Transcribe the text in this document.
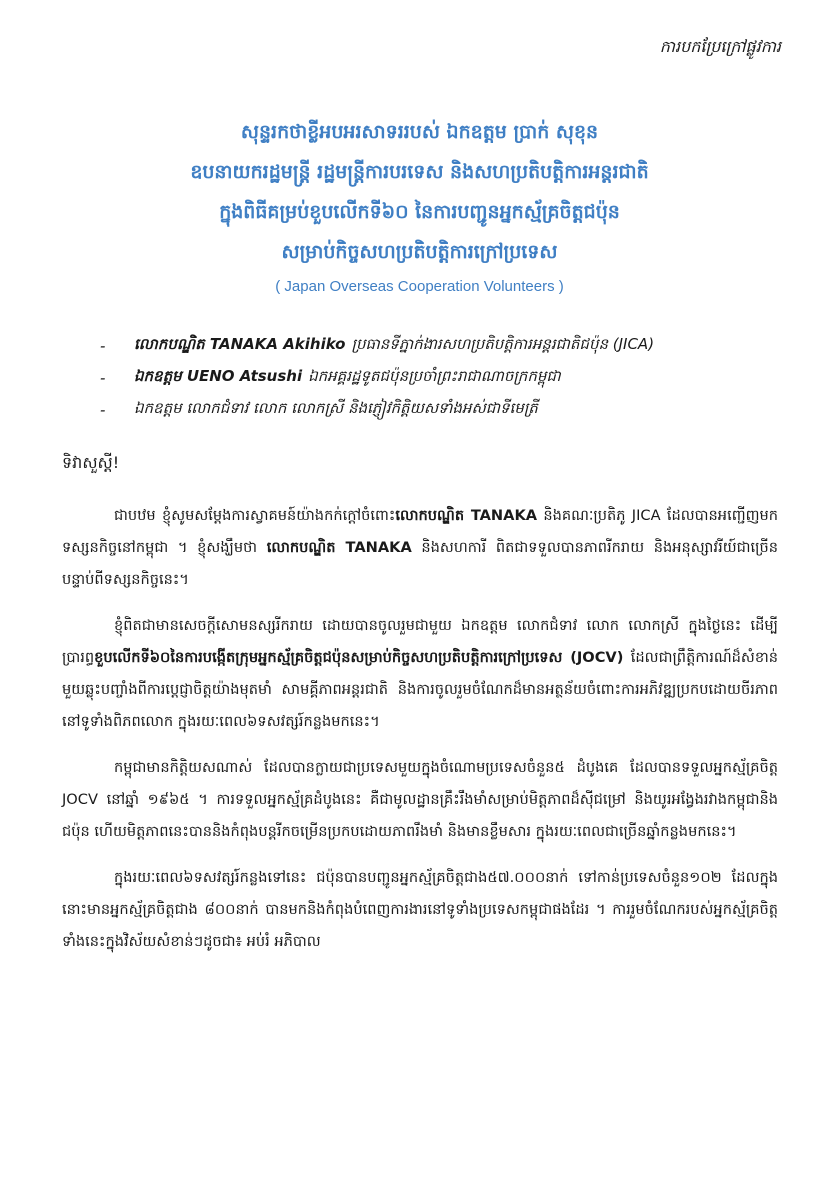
ការបកប្រែក្រៅផ្លូវការ
សុន្ទរកថាខ្លីអបអរសាទររបស់ ឯកឧត្តម ប្រាក់ សុខុន
ឧបនាយករដ្ឋមន្ត្រី រដ្ឋមន្ត្រីការបរទេស និងសហប្រតិបត្តិការអន្តរជាតិ
ក្នុងពិធីគម្រប់ខួបលើកទី៦០ នៃការបញ្ជូនអ្នកស្ម័គ្រចិត្តជប៉ុន
សម្រាប់កិច្ចសហប្រតិបត្តិការក្រៅប្រទេស
( Japan Overseas Cooperation Volunteers )
-	លោកបណ្ឌិត TANAKA Akihiko ប្រធានទីភ្នាក់ងារសហប្រតិបត្តិការអន្តរជាតិជប៉ុន (JICA)
-	ឯកឧត្តម UENO Atsushi ឯកអគ្គរដ្ឋទូតជប៉ុនប្រចាំព្រះរាជាណាចក្រកម្ពុជា
-	ឯកឧត្តម លោកជំទាវ លោក លោកស្រី និងភ្ញៀវកិត្តិយសទាំងអស់ជាទីមេត្រី
ទិវាសួស្តី!

ជាបឋម ខ្ញុំសូមសម្តែងការស្វាគមន៍យ៉ាងកក់ក្តៅចំពោះលោកបណ្ឌិត TANAKA និងគណៈប្រតិភូ JICA ដែលបានអញ្ជើញមកទស្សនកិច្ចនៅកម្ពុជា ។ ខ្ញុំសង្ឃឹមថា លោកបណ្ឌិត TANAKA និងសហការី ពិតជាទទួលបានភាពរីករាយ និងអនុស្សាវរីយ៍ជាច្រើនបន្ទាប់ពីទស្សនកិច្ចនេះ។

ខ្ញុំពិតជាមានសេចក្តីសោមនស្សរីករាយ ដោយបានចូលរួមជាមួយ ឯកឧត្តម លោកជំទាវ លោក លោកស្រី ក្នុងថ្ងៃនេះ ដើម្បីប្រារព្ធខួបលើកទី៦០នៃការបង្កើតក្រុមអ្នកស្ម័គ្រចិត្តជប៉ុនសម្រាប់កិច្ចសហប្រតិបត្តិការក្រៅប្រទេស (JOCV) ដែលជាព្រឹត្តិការណ៍ដ៏សំខាន់មួយឆ្លុះបញ្ចាំងពីការប្តេជ្ញាចិត្តយ៉ាងមុតមាំ សាមគ្គីភាពអន្តរជាតិ និងការចូលរួមចំណែកដ៏មានអត្ថន័យចំពោះការអភិវឌ្ឍប្រកបដោយចីរភាពនៅទូទាំងពិភពលោក ក្នុងរយៈពេល៦ទសវត្សរ៍កន្លងមកនេះ។

កម្ពុជាមានកិត្តិយសណាស់ ដែលបានក្លាយជាប្រទេសមួយក្នុងចំណោមប្រទេសចំនួន៥ ដំបូងគេ ដែលបានទទួលអ្នកស្ម័គ្រចិត្ត JOCV នៅឆ្នាំ ១៩៦៥ ។ ការទទួលអ្នកស្ម័គ្រដំបូងនេះ គឺជាមូលដ្ឋានគ្រឹះរឹងមាំសម្រាប់មិត្តភាពដ៏ស៊ីជម្រៅ និងយូរអង្វែងរវាងកម្ពុជានិងជប៉ុន ហើយមិត្តភាពនេះបាននិងកំពុងបន្តរីកចម្រើនប្រកបដោយភាពរឹងមាំ និងមានខ្លឹមសារ ក្នុងរយៈពេលជាច្រើនឆ្នាំកន្លងមកនេះ។

ក្នុងរយៈពេល៦ទសវត្សរ៍កន្លងទៅនេះ ជប៉ុនបានបញ្ជូនអ្នកស្ម័គ្រចិត្តជាង៥៧.០០០នាក់ ទៅកាន់ប្រទេសចំនួន១០២ ដែលក្នុងនោះមានអ្នកស្ម័គ្រចិត្តជាង ៨០០នាក់ បានមកនិងកំពុងបំពេញការងារនៅទូទាំងប្រទេសកម្ពុជាផងដែរ ។ ការរួមចំណែករបស់អ្នកស្ម័គ្រចិត្តទាំងនេះក្នុងវិស័យសំខាន់ៗដូចជា៖ អប់រំ អភិបាល
